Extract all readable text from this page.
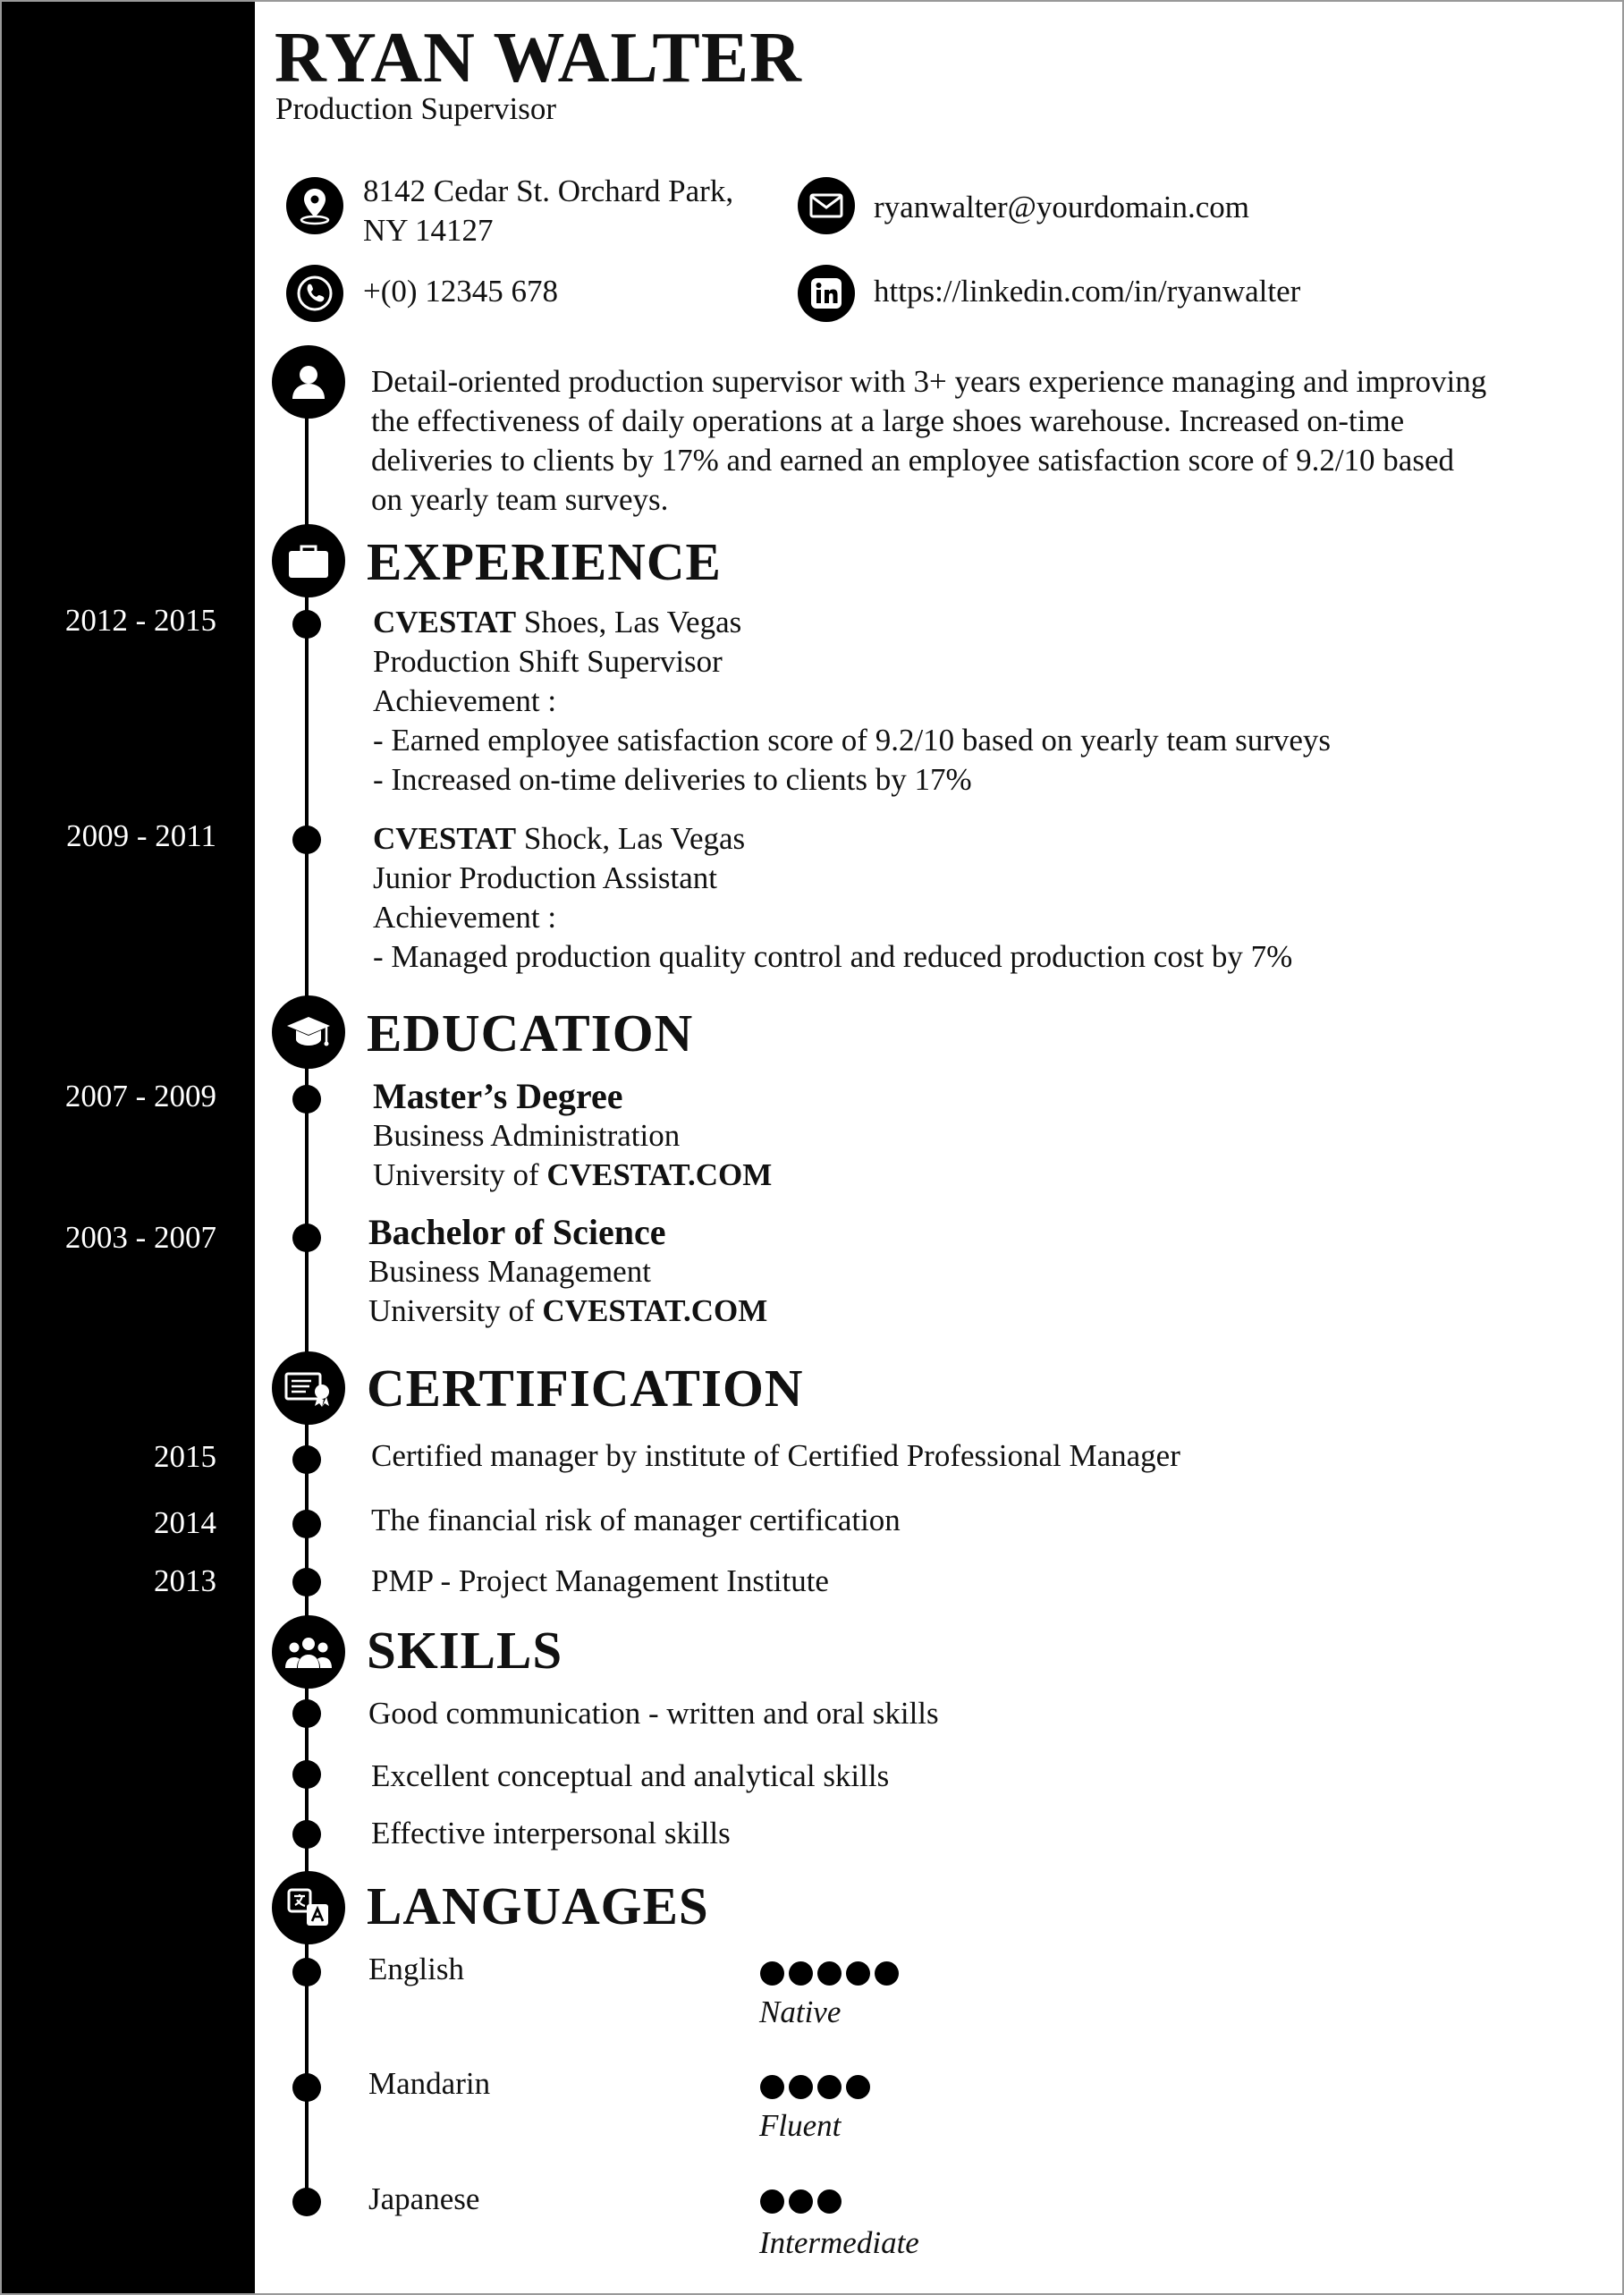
RYAN WALTER
Production Supervisor
8142 Cedar St. Orchard Park,
NY 14127
ryanwalter@yourdomain.com
+(0) 12345 678	https://linkedin.com/in/ryanwalter
Detail-oriented production supervisor with 3+ years experience managing and improving
the effectiveness of daily operations at a large shoes warehouse. Increased on-time
deliveries to clients by 17% and earned an employee satisfaction score of 9.2/10 based
on yearly team surveys.
EXPERIENCE
2012 - 2015	CVESTAT Shoes, Las Vegas
Production Shift Supervisor
Achievement :
- Earned employee satisfaction score of 9.2/10 based on yearly team surveys
- Increased on-time deliveries to clients by 17%
2009 - 2011	CVESTAT Shock, Las Vegas
Junior Production Assistant
Achievement :
- Managed production quality control and reduced production cost by 7%
EDUCATION
2007 - 2009	Master’s Degree
Business Administration
University of CVESTAT.COM
2003 - 2007	Bachelor of Science
Business Management
University of CVESTAT.COM
CERTIFICATION
2015	Certified manager by institute of Certified Professional Manager
2014	The financial risk of manager certification
2013	PMP - Project Management Institute
SKILLS
Good communication - written and oral skills
Excellent conceptual and analytical skills
Effective interpersonal skills
LANGUAGES
English
Native
Mandarin
Fluent
Japanese
Intermediate
